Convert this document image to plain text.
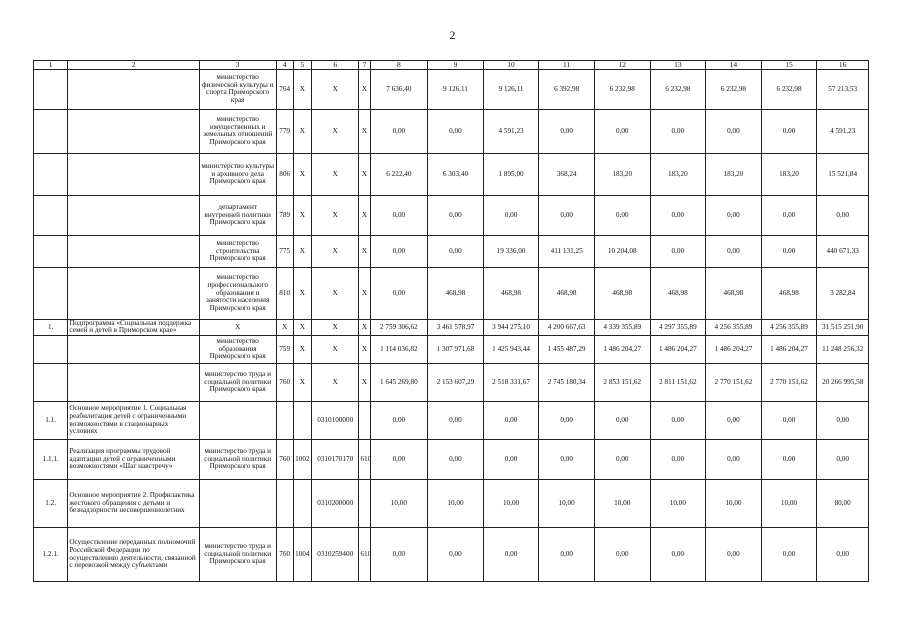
2
1	2	3	4	5	6	7	8	9	10	11	12	13	14	15	16
		министерство физической культуры и спорта Приморского края	764	X	X	X	7 636,40	9 126,11	9 126,11	6 392,98	6 232,98	6 232,98	6 232,98	6 232,98	57 213,53
		министерство имущественных и земельных отношений Приморского края	779	X	X	X	0,00	0,00	4 591,23	0,00	0,00	0,00	0,00	0,00	4 591,23
		министерство культуры и архивного дела Приморского края	806	X	X	X	6 222,40	6 303,40	1 895,00	368,24	183,20	183,20	183,20	183,20	15 521,84
		департамент внутренней политики Приморского края	789	X	X	X	0,00	0,00	0,00	0,00	0,00	0,00	0,00	0,00	0,00
		министерство строительства Приморского края	775	X	X	X	0,00	0,00	19 336,00	411 131,25	10 204,08	0,00	0,00	0,00	440 671,33
		министерство профессионального образования и занятости населения Приморского края	810	X	X	X	0,00	468,98	468,98	468,98	468,98	468,98	468,98	468,98	3 282,84
1.	Подпрограмма «Социальная поддержка семей и детей в Приморском крае»	X	X	X	X	X	2 759 306,62	3 461 578,97	3 944 275,10	4 200 667,63	4 339 355,89	4 297 355,89	4 256 355,89	4 256 355,89	31 515 251,90
		министерство образования Приморского края	759	X	X	X	1 114 036,82	1 307 971,68	1 425 943,44	1 455 487,29	1 486 204,27	1 486 204,27	1 486 204,27	1 486 204,27	11 248 256,32
		министерство труда и социальной политики Приморского края	760	X	X	X	1 645 269,80	2 153 607,29	2 518 331,67	2 745 180,34	2 853 151,62	2 811 151,62	2 770 151,62	2 770 151,62	20 266 995,58
1.1.	Основное мероприятие 1. Социальная реабилитация детей с ограниченными возможностями в стационарных условиях				0310100000		0,00	0,00	0,00	0,00	0,00	0,00	0,00	0,00	0,00
1.1.1.	Реализация программы трудовой адаптации детей с ограниченными возможностями «Шаг навстречу»	министерство труда и социальной политики Приморского края	760	1002	0310170170	610	0,00	0,00	0,00	0,00	0,00	0,00	0,00	0,00	0,00
1.2.	Основное мероприятие 2. Профилактика жестокого обращения с детьми и безнадзорности несовершеннолетних				0310200000		10,00	10,00	10,00	10,00	10,00	10,00	10,00	10,00	80,00
1.2.1.	Осуществление переданных полномочий Российской Федерации по осуществлению деятельности, связанной с перевозкой между субъектами	министерство труда и социальной политики Приморского края	760	1004	0310259400	610	0,00	0,00	0,00	0,00	0,00	0,00	0,00	0,00	0,00
